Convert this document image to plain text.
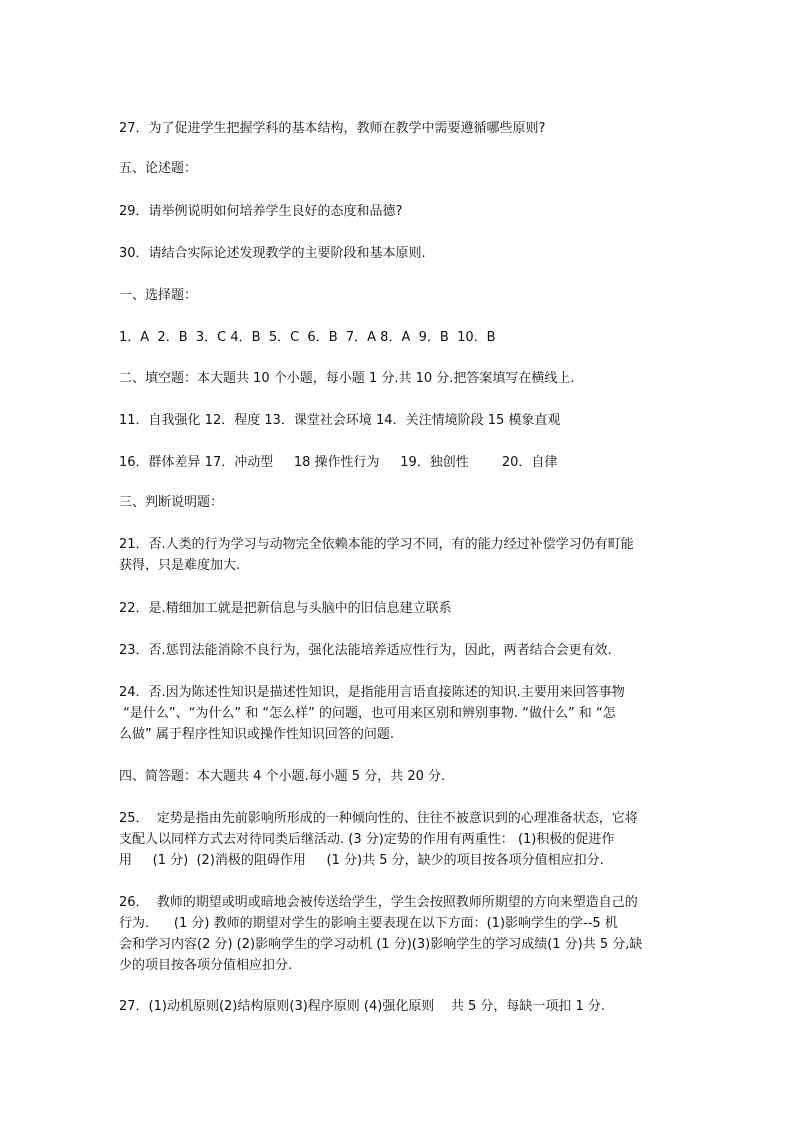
27．为了促进学生把握学科的基本结构，教师在教学中需要遵循哪些原则?
五、论述题：
29．请举例说明如何培养学生良好的态度和品德?
30．请结合实际论述发现教学的主要阶段和基本原则.
一、选择题：
1．A  2．B  3．C 4．B  5．C  6．B  7．A 8．A  9．B  10．B
二、填空题：本大题共 10 个小题，每小题 1 分.共 10 分.把答案填写在横线上.
11．自我强化 12．程度 13．课堂社会环境 14．关注情境阶段 15 模象直观
16．群体差异 17．冲动型     18 操作性行为     19．独创性        20．自律
三、判断说明题：
21．否.人类的行为学习与动物完全依赖本能的学习不同，有的能力经过补偿学习仍有町能
获得，只是难度加大.
22．是.精细加工就是把新信息与头脑中的旧信息建立联系
23．否.惩罚法能消除不良行为，强化法能培养适应性行为，因此，两者结合会更有效.
24．否.因为陈述性知识是描述性知识，是指能用言语直接陈述的知识.主要用来回答事物
“是什么”、“为什么” 和 “怎么样” 的问题，也可用来区别和辨别事物. “做什么” 和 “怎
么做” 属于程序性知识或操作性知识回答的问题.
四、简答题：本大题共 4 个小题.每小题 5 分，共 20 分.
25．  定势是指由先前影响所形成的一种倾向性的、往往不被意识到的心理准备状态，它将
支配人以同样方式去对待同类后继活动. (3 分)定势的作用有两重性： (1)积极的促进作
用     (1 分)  (2)消极的阻碍作用     (1 分)共 5 分，缺少的项目按各项分值相应扣分.
26．  教师的期望或明或暗地会被传送给学生，学生会按照教师所期望的方向来塑造自己的
行为.      (1 分) 教师的期望对学生的影响主要表现在以下方面：(1)影响学生的学--5 机
会和学习内容(2 分) (2)影响学生的学习动机 (1 分)(3)影响学生的学习成绩(1 分)共 5 分,缺
少的项目按各项分值相应扣分.
27．(1)动机原则(2)结构原则(3)程序原则 (4)强化原则    共 5 分，每缺一项扣 1 分.
